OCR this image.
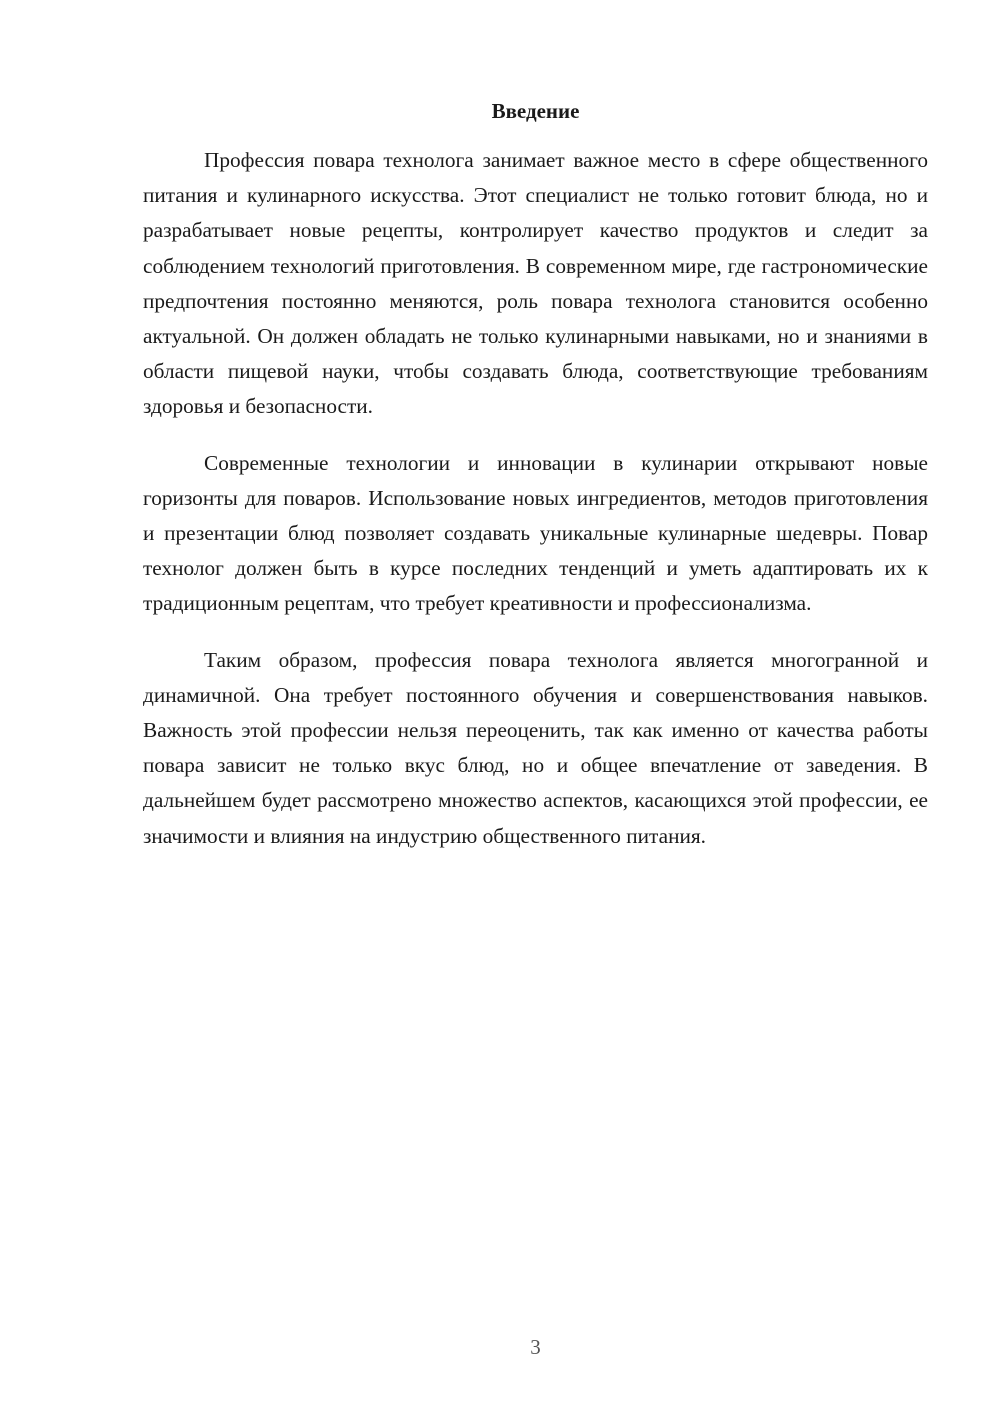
Введение

Профессия повара технолога занимает важное место в сфере общественного питания и кулинарного искусства. Этот специалист не только готовит блюда, но и разрабатывает новые рецепты, контролирует качество продуктов и следит за соблюдением технологий приготовления. В современном мире, где гастрономические предпочтения постоянно меняются, роль повара технолога становится особенно актуальной. Он должен обладать не только кулинарными навыками, но и знаниями в области пищевой науки, чтобы создавать блюда, соответствующие требованиям здоровья и безопасности.

Современные технологии и инновации в кулинарии открывают новые горизонты для поваров. Использование новых ингредиентов, методов приготовления и презентации блюд позволяет создавать уникальные кулинарные шедевры. Повар технолог должен быть в курсе последних тенденций и уметь адаптировать их к традиционным рецептам, что требует креативности и профессионализма.

Таким образом, профессия повара технолога является многогранной и динамичной. Она требует постоянного обучения и совершенствования навыков. Важность этой профессии нельзя переоценить, так как именно от качества работы повара зависит не только вкус блюд, но и общее впечатление от заведения. В дальнейшем будет рассмотрено множество аспектов, касающихся этой профессии, ее значимости и влияния на индустрию общественного питания.

3
